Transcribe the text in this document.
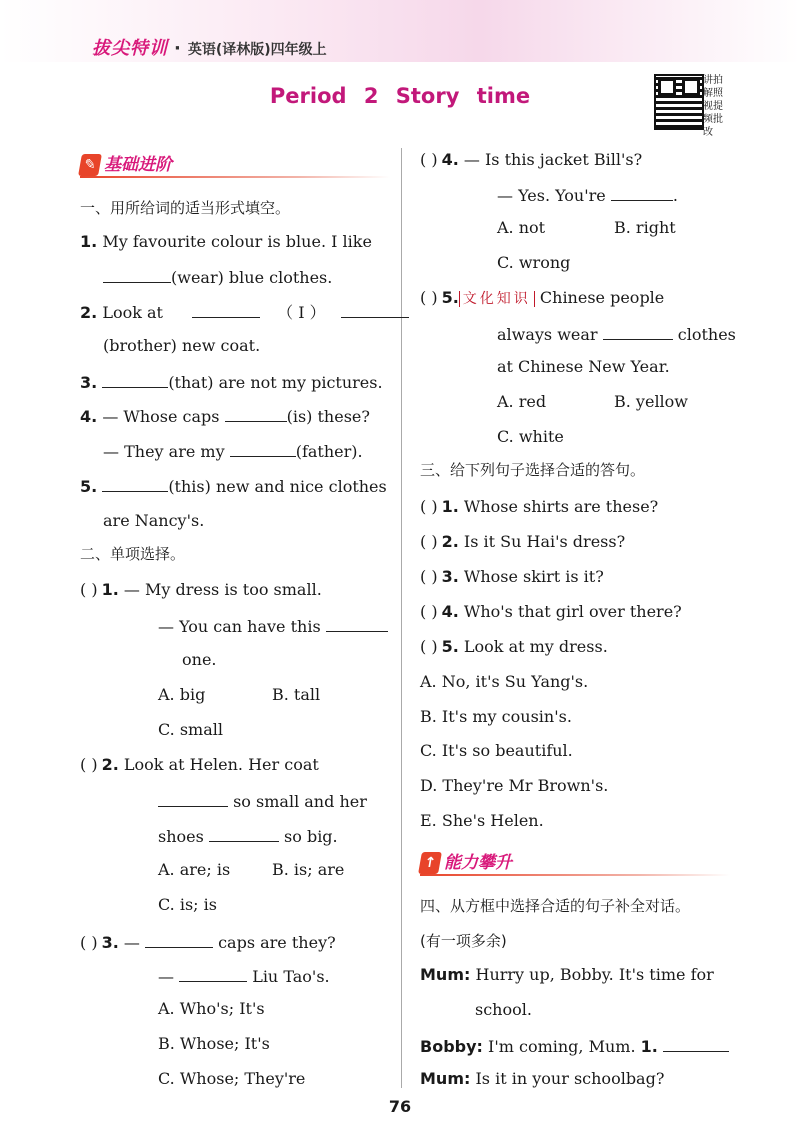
拔尖特训 · 英语(译林版)四年级上
Period 2 Story time
讲拍
解照
视提
频批
改
✎ 基础进阶
一、用所给词的适当形式填空。
1. My favourite colour is blue. I like
(wear) blue clothes.
2. Look at	（ I ）
(brother) new coat.
3.	(that) are not my pictures.
4. — Whose caps	(is) these?
— They are my	(father).
5.	(this) new and nice clothes
are Nancy's.
二、单项选择。
( ) 1. — My dress is too small.
— You can have this
one.
A. big	B. tall
C. small
( ) 2. Look at Helen. Her coat
so small and her
shoes	so big.
A. are; is	B. is; are
C. is; is
( ) 3. —	caps are they?
—	Liu Tao's.
A. Who's; It's
B. Whose; It's
C. Whose; They're
( ) 4. — Is this jacket Bill's?
— Yes. You're	.
A. not	B. right
C. wrong
( ) 5. 文化知识 Chinese people
always wear	clothes
at Chinese New Year.
A. red	B. yellow
C. white
三、给下列句子选择合适的答句。
( ) 1. Whose shirts are these?
( ) 2. Is it Su Hai's dress?
( ) 3. Whose skirt is it?
( ) 4. Who's that girl over there?
( ) 5. Look at my dress.
A. No, it's Su Yang's.
B. It's my cousin's.
C. It's so beautiful.
D. They're Mr Brown's.
E. She's Helen.
↑ 能力攀升
四、从方框中选择合适的句子补全对话。
(有一项多余)
Mum: Hurry up, Bobby. It's time for
school.
Bobby: I'm coming, Mum. 1.
Mum: Is it in your schoolbag?
76
